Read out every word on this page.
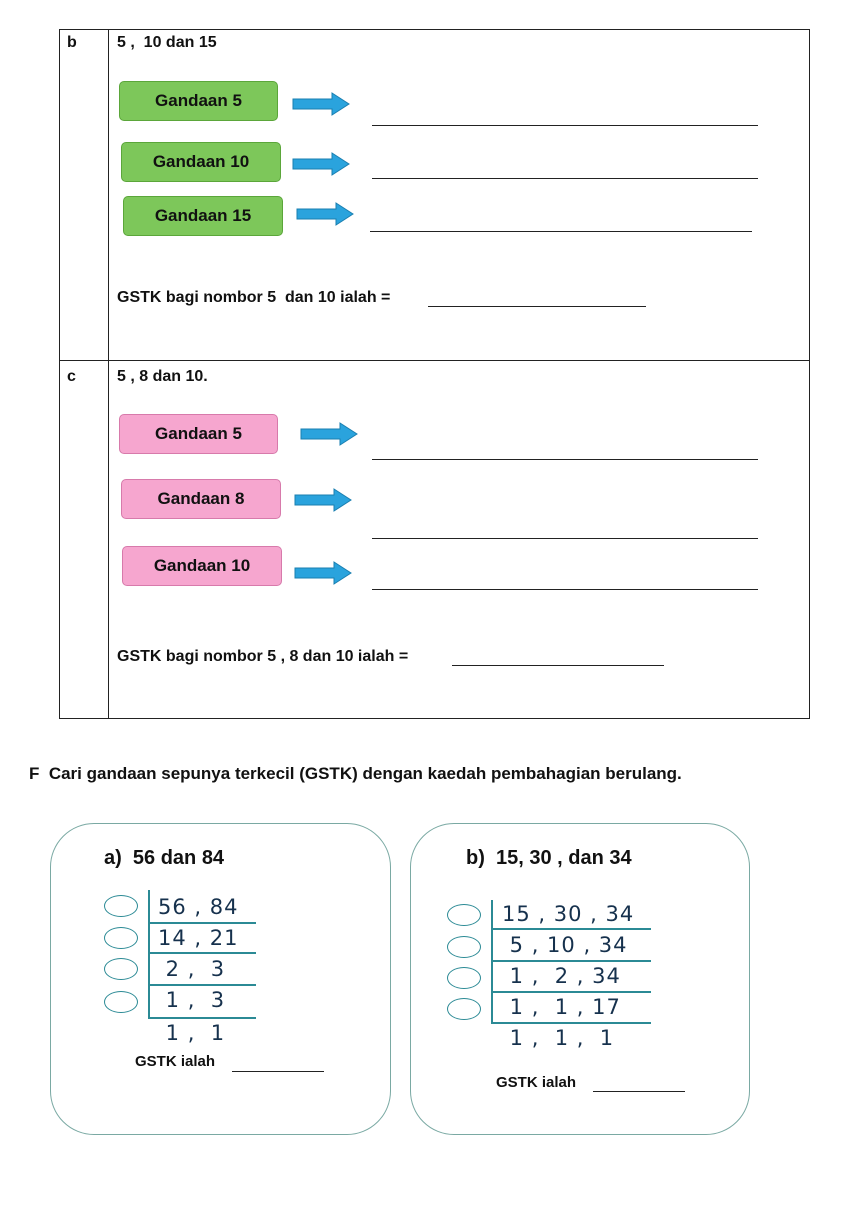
b	5 ,  10 dan 15
Gandaan 5
Gandaan 10
Gandaan 15
GSTK bagi nombor 5  dan 10 ialah =
c	5 , 8 dan 10.
Gandaan 5
Gandaan 8
Gandaan 10
GSTK bagi nombor 5 , 8 dan 10 ialah =
F  Cari gandaan sepunya terkecil (GSTK) dengan kaedah pembahagian berulang.
a)  56 dan 84
56 , 84
14 , 21
2 ,  3
1 ,  3
1 ,  1
GSTK ialah
b)  15, 30 , dan 34
15 , 30 , 34
5 , 10 , 34
1 ,  2 , 34
1 ,  1 , 17
1 ,  1 ,  1
GSTK ialah
